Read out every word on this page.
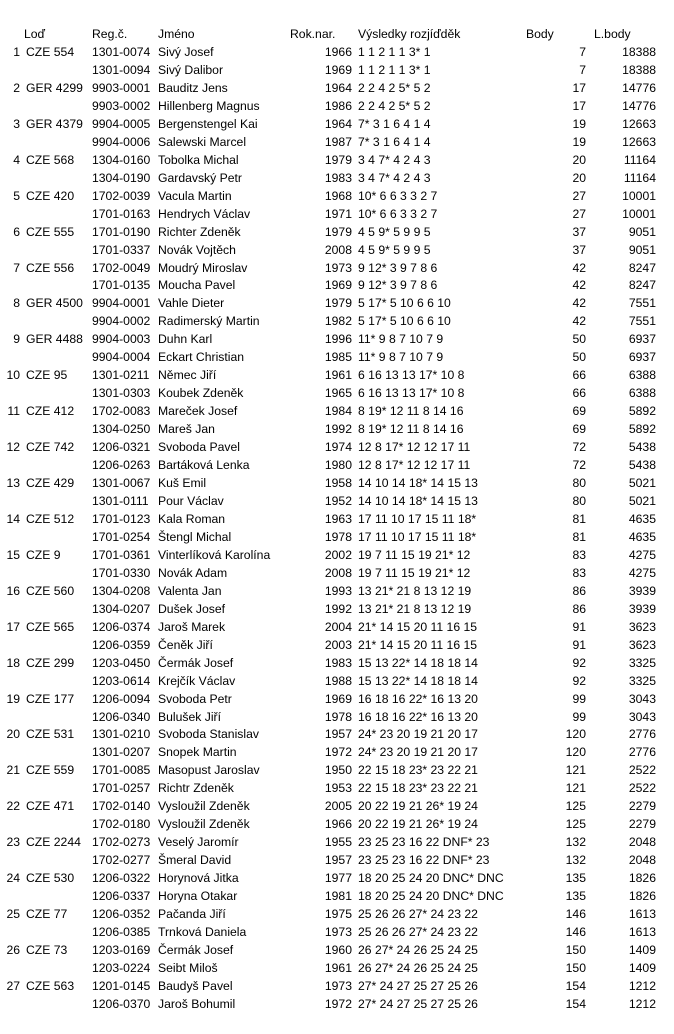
Loď	Reg.č.	Jméno	Rok.nar. Výsledky rozjíďděk	Body	L.body
1 CZE 554	1301-0074 Sivý Josef	1966 1 1 2 1 1 3* 1	7	18388
1301-0094 Sivý Dalibor	1969 1 1 2 1 1 3* 1	7	18388
2 GER 4299 9903-0001 Bauditz Jens	1964 2 2 4 2 5* 5 2	17	14776
9903-0002 Hillenberg Magnus	1986 2 2 4 2 5* 5 2	17	14776
3 GER 4379 9904-0005 Bergenstengel Kai	1964 7* 3 1 6 4 1 4	19	12663
9904-0006 Salewski Marcel	1987 7* 3 1 6 4 1 4	19	12663
4 CZE 568	1304-0160 Tobolka Michal	1979 3 4 7* 4 2 4 3	20	11164
1304-0190 Gardavský Petr	1983 3 4 7* 4 2 4 3	20	11164
5 CZE 420	1702-0039 Vacula Martin	1968 10* 6 6 3 3 2 7	27	10001
1701-0163 Hendrych Václav	1971 10* 6 6 3 3 2 7	27	10001
6 CZE 555	1701-0190 Richter Zdeněk	1979 4 5 9* 5 9 9 5	37	9051
1701-0337 Novák Vojtěch	2008 4 5 9* 5 9 9 5	37	9051
7 CZE 556	1702-0049 Moudrý Miroslav	1973 9 12* 3 9 7 8 6	42	8247
1701-0135 Moucha Pavel	1969 9 12* 3 9 7 8 6	42	8247
8 GER 4500 9904-0001 Vahle Dieter	1979 5 17* 5 10 6 6 10	42	7551
9904-0002 Radimerský Martin	1982 5 17* 5 10 6 6 10	42	7551
9 GER 4488 9904-0003 Duhn Karl	1996 11* 9 8 7 10 7 9	50	6937
9904-0004 Eckart Christian	1985 11* 9 8 7 10 7 9	50	6937
10 CZE 95	1301-0211 Němec Jiří	1961 6 16 13 13 17* 10 8	66	6388
1301-0303 Koubek Zdeněk	1965 6 16 13 13 17* 10 8	66	6388
11 CZE 412	1702-0083 Mareček Josef	1984 8 19* 12 11 8 14 16	69	5892
1304-0250 Mareš Jan	1992 8 19* 12 11 8 14 16	69	5892
12 CZE 742	1206-0321 Svoboda Pavel	1974 12 8 17* 12 12 17 11	72	5438
1206-0263 Bartáková Lenka	1980 12 8 17* 12 12 17 11	72	5438
13 CZE 429	1301-0067 Kuš Emil	1958 14 10 14 18* 14 15 13	80	5021
1301-0111 Pour Václav	1952 14 10 14 18* 14 15 13	80	5021
14 CZE 512	1701-0123 Kala Roman	1963 17 11 10 17 15 11 18*	81	4635
1701-0254 Štengl Michal	1978 17 11 10 17 15 11 18*	81	4635
15 CZE 9	1701-0361 Vinterlíková Karolína	2002 19 7 11 15 19 21* 12	83	4275
1701-0330 Novák Adam	2008 19 7 11 15 19 21* 12	83	4275
16 CZE 560	1304-0208 Valenta Jan	1993 13 21* 21 8 13 12 19	86	3939
1304-0207 Dušek Josef	1992 13 21* 21 8 13 12 19	86	3939
17 CZE 565	1206-0374 Jaroš Marek	2004 21* 14 15 20 11 16 15	91	3623
1206-0359 Čeněk Jiří	2003 21* 14 15 20 11 16 15	91	3623
18 CZE 299	1203-0450 Čermák Josef	1983 15 13 22* 14 18 18 14	92	3325
1203-0614 Krejčík Václav	1988 15 13 22* 14 18 18 14	92	3325
19 CZE 177	1206-0094 Svoboda Petr	1969 16 18 16 22* 16 13 20	99	3043
1206-0340 Bulušek Jiří	1978 16 18 16 22* 16 13 20	99	3043
20 CZE 531	1301-0210 Svoboda Stanislav	1957 24* 23 20 19 21 20 17	120	2776
1301-0207 Snopek Martin	1972 24* 23 20 19 21 20 17	120	2776
21 CZE 559	1701-0085 Masopust Jaroslav	1950 22 15 18 23* 23 22 21	121	2522
1701-0257 Richtr Zdeněk	1953 22 15 18 23* 23 22 21	121	2522
22 CZE 471	1702-0140 Vysloužil Zdeněk	2005 20 22 19 21 26* 19 24	125	2279
1702-0180 Vysloužil Zdeněk	1966 20 22 19 21 26* 19 24	125	2279
23 CZE 2244 1702-0273 Veselý Jaromír	1955 23 25 23 16 22 DNF* 23	132	2048
1702-0277 Šmeral David	1957 23 25 23 16 22 DNF* 23	132	2048
24 CZE 530	1206-0322 Horynová Jitka	1977 18 20 25 24 20 DNC* DNC	135	1826
1206-0337 Horyna Otakar	1981 18 20 25 24 20 DNC* DNC	135	1826
25 CZE 77	1206-0352 Pačanda Jiří	1975 25 26 26 27* 24 23 22	146	1613
1206-0385 Trnková Daniela	1973 25 26 26 27* 24 23 22	146	1613
26 CZE 73	1203-0169 Čermák Josef	1960 26 27* 24 26 25 24 25	150	1409
1203-0224 Seibt Miloš	1961 26 27* 24 26 25 24 25	150	1409
27 CZE 563	1201-0145 Baudyš Pavel	1973 27* 24 27 25 27 25 26	154	1212
1206-0370 Jaroš Bohumil	1972 27* 24 27 25 27 25 26	154	1212
